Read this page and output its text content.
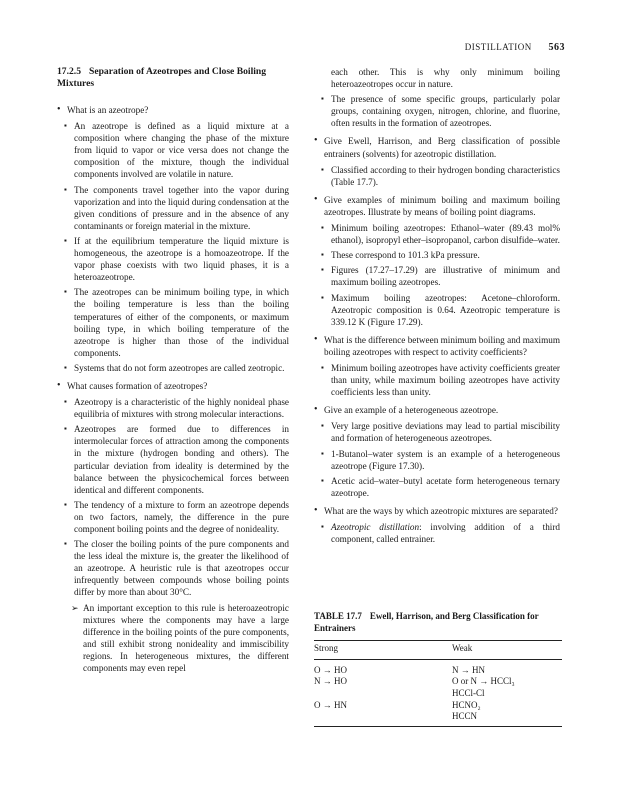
DISTILLATION 563
17.2.5 Separation of Azeotropes and Close Boiling Mixtures
• What is an azeotrope?
▪ An azeotrope is defined as a liquid mixture at a composition where changing the phase of the mixture from liquid to vapor or vice versa does not change the composition of the mixture, though the individual components involved are volatile in nature.
▪ The components travel together into the vapor during vaporization and into the liquid during condensation at the given conditions of pressure and in the absence of any contaminants or foreign material in the mixture.
▪ If at the equilibrium temperature the liquid mixture is homogeneous, the azeotrope is a homoazeotrope. If the vapor phase coexists with two liquid phases, it is a heteroazeotrope.
▪ The azeotropes can be minimum boiling type, in which the boiling temperature is less than the boiling temperatures of either of the components, or maximum boiling type, in which boiling temperature of the azeotrope is higher than those of the individual components.
▪ Systems that do not form azeotropes are called zeotropic.
• What causes formation of azeotropes?
▪ Azeotropy is a characteristic of the highly nonideal phase equilibria of mixtures with strong molecular interactions.
▪ Azeotropes are formed due to differences in intermolecular forces of attraction among the components in the mixture (hydrogen bonding and others). The particular deviation from ideality is determined by the balance between the physicochemical forces between identical and different components.
▪ The tendency of a mixture to form an azeotrope depends on two factors, namely, the difference in the pure component boiling points and the degree of nonideality.
▪ The closer the boiling points of the pure components and the less ideal the mixture is, the greater the likelihood of an azeotrope. A heuristic rule is that azeotropes occur infrequently between compounds whose boiling points differ by more than about 30°C.
➢ An important exception to this rule is heteroazeotropic mixtures where the components may have a large difference in the boiling points of the pure components, and still exhibit strong nonideality and immiscibility regions. In heterogeneous mixtures, the different components may even repel
each other. This is why only minimum boiling heteroazeotropes occur in nature.
▪ The presence of some specific groups, particularly polar groups, containing oxygen, nitrogen, chlorine, and fluorine, often results in the formation of azeotropes.
• Give Ewell, Harrison, and Berg classification of possible entrainers (solvents) for azeotropic distillation.
▪ Classified according to their hydrogen bonding characteristics (Table 17.7).
• Give examples of minimum boiling and maximum boiling azeotropes. Illustrate by means of boiling point diagrams.
▪ Minimum boiling azeotropes: Ethanol–water (89.43 mol% ethanol), isopropyl ether–isopropanol, carbon disulfide–water.
▪ These correspond to 101.3 kPa pressure.
▪ Figures (17.27–17.29) are illustrative of minimum and maximum boiling azeotropes.
▪ Maximum boiling azeotropes: Acetone–chloroform. Azeotropic composition is 0.64. Azeotropic temperature is 339.12 K (Figure 17.29).
• What is the difference between minimum boiling and maximum boiling azeotropes with respect to activity coefficients?
▪ Minimum boiling azeotropes have activity coefficients greater than unity, while maximum boiling azeotropes have activity coefficients less than unity.
• Give an example of a heterogeneous azeotrope.
▪ Very large positive deviations may lead to partial miscibility and formation of heterogeneous azeotropes.
▪ 1-Butanol–water system is an example of a heterogeneous azeotrope (Figure 17.30).
▪ Acetic acid–water–butyl acetate form heterogeneous ternary azeotrope.
• What are the ways by which azeotropic mixtures are separated?
▪ Azeotropic distillation: involving addition of a third component, called entrainer.
TABLE 17.7 Ewell, Harrison, and Berg Classification for Entrainers
Strong	Weak
O → HO	N → HN
N → HO	O or N → HCCl₃
	HCCl-Cl
O → HN	HCNO₂
	HCCN
